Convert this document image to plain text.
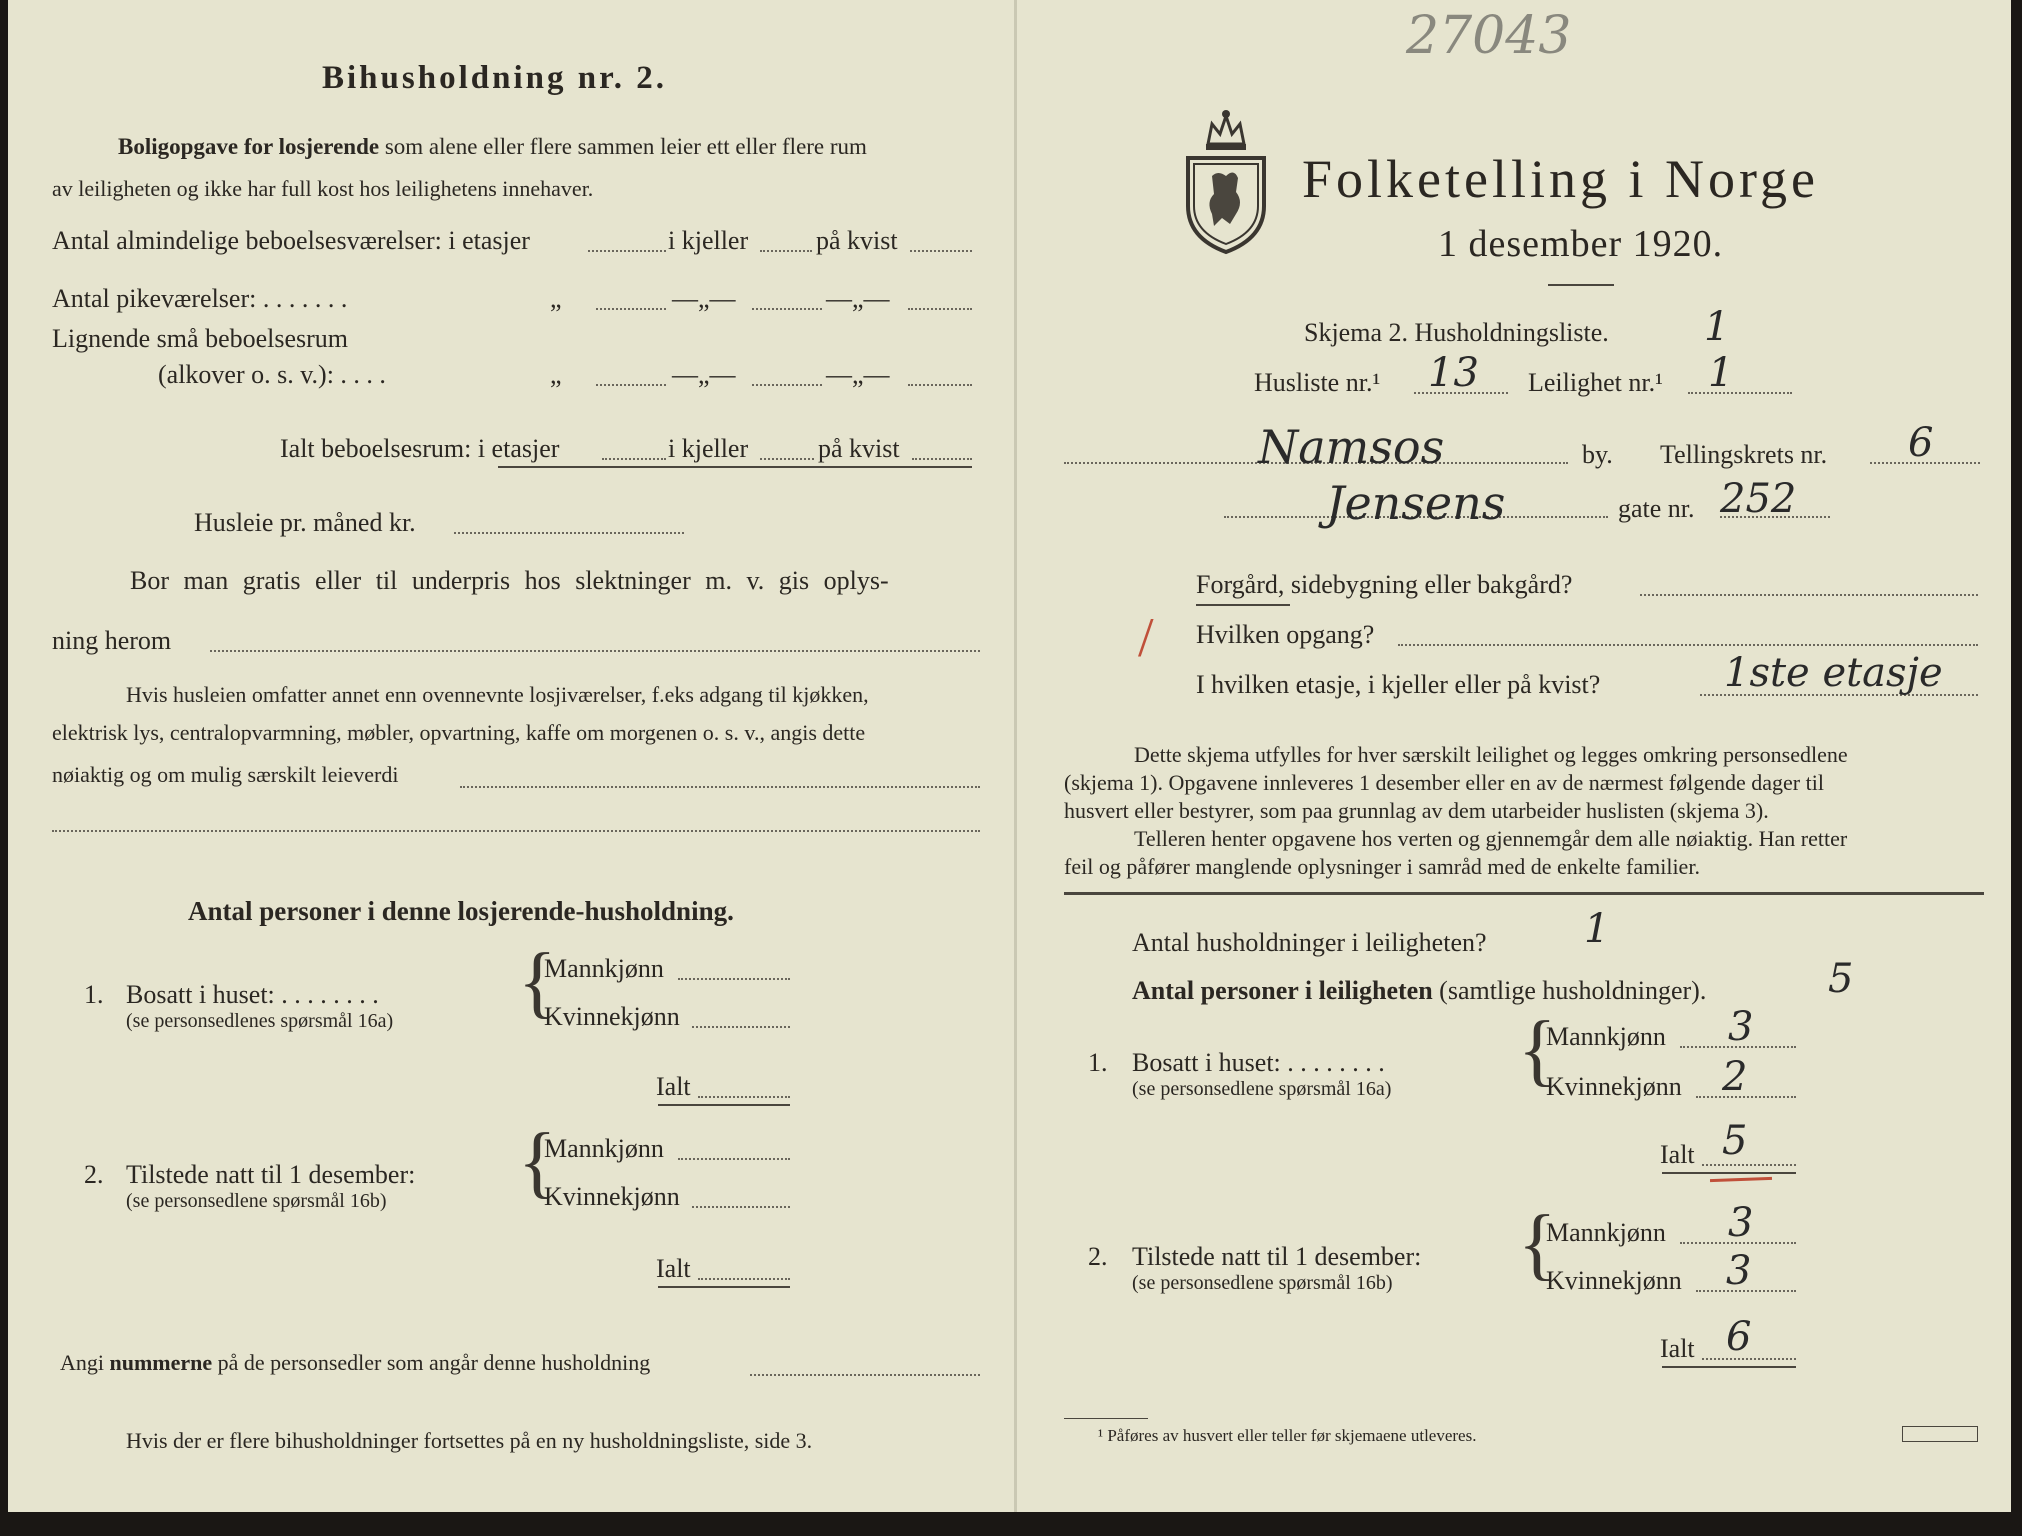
Bihusholdning nr. 2.
Boligopgave for losjerende som alene eller flere sammen leier ett eller flere rum
av leiligheten og ikke har full kost hos leilighetens innehaver.
Antal almindelige beboelsesværelser: i etasjer	i kjeller	på kvist
Antal pikeværelser: . . . . . . .	„	—„—	—„—
Lignende små beboelsesrum
(alkover o. s. v.): . . . .	„	—„—	—„—
Ialt beboelsesrum: i etasjer	i kjeller	på kvist
Husleie pr. måned kr.
Bor man gratis eller til underpris hos slektninger m. v. gis oplys-
ning herom
Hvis husleien omfatter annet enn ovennevnte losjiværelser, f.eks adgang til kjøkken,
elektrisk lys, centralopvarmning, møbler, opvartning, kaffe om morgenen o. s. v., angis dette
nøiaktig og om mulig særskilt leieverdi
Antal personer i denne losjerende-husholdning.
1. Bosatt i huset: . . . . . . . .
(se personsedlenes spørsmål 16a) {
Mannkjønn
Kvinnekjønn
Ialt
2. Tilstede natt til 1 desember:
(se personsedlene spørsmål 16b) {
Mannkjønn
Kvinnekjønn
Ialt
Angi nummerne på de personsedler som angår denne husholdning
Hvis der er flere bihusholdninger fortsettes på en ny husholdningsliste, side 3.
27043
Folketelling i Norge
1 desember 1920.
Skjema 2. Husholdningsliste. 1
Husliste nr.¹ 13 Leilighet nr.¹ 1
Namsos	by. Tellingskrets nr. 6
Jensens	gate nr. 252
Forgård, sidebygning eller bakgård?
/ Hvilken opgang?
I hvilken etasje, i kjeller eller på kvist?	1ste etasje
Dette skjema utfylles for hver særskilt leilighet og legges omkring personsedlene
(skjema 1). Opgavene innleveres 1 desember eller en av de nærmest følgende dager til
husvert eller bestyrer, som paa grunnlag av dem utarbeider huslisten (skjema 3).
Telleren henter opgavene hos verten og gjennemgår dem alle nøiaktig. Han retter
feil og påfører manglende oplysninger i samråd med de enkelte familier.
Antal husholdninger i leiligheten? 1
Antal personer i leiligheten (samtlige husholdninger).	5
1. Bosatt i huset: . . . . . . . .
(se personsedlene spørsmål 16a) {
Mannkjønn 3
Kvinnekjønn 2
Ialt 5
2. Tilstede natt til 1 desember:
(se personsedlene spørsmål 16b) {
Mannkjønn 3
Kvinnekjønn 3
Ialt 6
¹ Påføres av husvert eller teller før skjemaene utleveres.
